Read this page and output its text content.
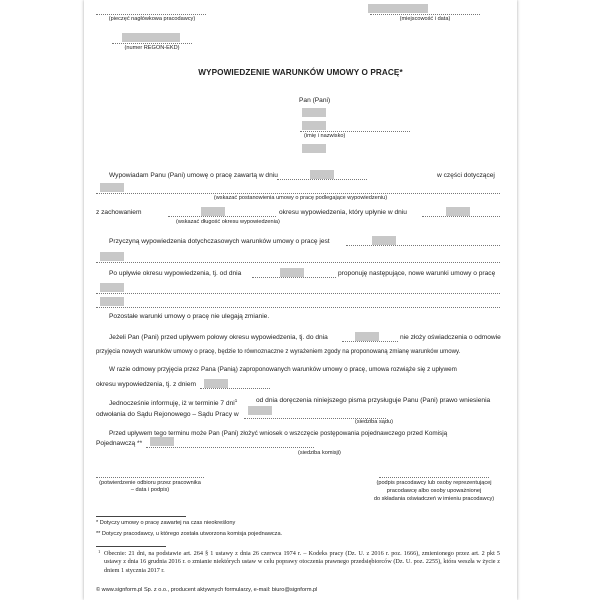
(pieczęć nagłówkowa pracodawcy)
(numer REGON-EKD)
(miejscowość i data)
WYPOWIEDZENIE WARUNKÓW UMOWY O PRACĘ*
Pan (Pani)
(imię i nazwisko)
Wypowiadam Panu (Pani) umowę o pracę zawartą w dniu	w części dotyczącej
(wskazać postanowienia umowy o pracę podlegające wypowiedzeniu)
z zachowaniem	okresu wypowiedzenia, który upłynie w dniu
(wskazać długość okresu wypowiedzenia)
Przyczyną wypowiedzenia dotychczasowych warunków umowy o pracę jest
Po upływie okresu wypowiedzenia, tj. od dnia	proponuję następujące, nowe warunki umowy o pracę
Pozostałe warunki umowy o pracę nie ulegają zmianie.
Jeżeli Pan (Pani) przed upływem połowy okresu wypowiedzenia, tj. do dnia	nie złoży oświadczenia o odmowie
przyjęcia nowych warunków umowy o pracę, będzie to równoznaczne z wyrażeniem zgody na proponowaną zmianę warunków umowy.
W razie odmowy przyjęcia przez Pana (Panią) zaproponowanych warunków umowy o pracę, umowa rozwiąże się z upływem
okresu wypowiedzenia, tj. z dniem
Jednocześnie informuję, iż w terminie 7 dni$^1$	od dnia doręczenia niniejszego pisma przysługuje Panu (Pani) prawo wniesienia
odwołania do Sądu Rejonowego – Sądu Pracy w
(siedziba sądu)
Przed upływem tego terminu może Pan (Pani) złożyć wniosek o wszczęcie postępowania pojednawczego przed Komisją
Pojednawczą **
(siedziba komisji)
(potwierdzenie odbioru przez pracownika
– data i podpis)
(podpis pracodawcy lub osoby reprezentującej
pracodawcę albo osoby upoważnionej
do składania oświadczeń w imieniu pracodawcy)
* Dotyczy umowy o pracę zawartej na czas nieokreślony
** Dotyczy pracodawcy, u którego została utworzona komisja pojednawcza.
1 Obecnie: 21 dni, na podstawie art. 264 § 1 ustawy z dnia 26 czerwca 1974 r. – Kodeks pracy (Dz. U. z 2016 r. poz. 1666), zmienionego przez art. 2 pkt 5 ustawy z dnia 16 grudnia 2016 r. o zmianie niektórych ustaw w celu poprawy otoczenia prawnego przedsiębiorców (Dz. U. poz. 2255), która weszła w życie z dniem 1 stycznia 2017 r.
© www.signform.pl Sp. z o.o., producent aktywnych formularzy, e-mail: biuro@signform.pl
